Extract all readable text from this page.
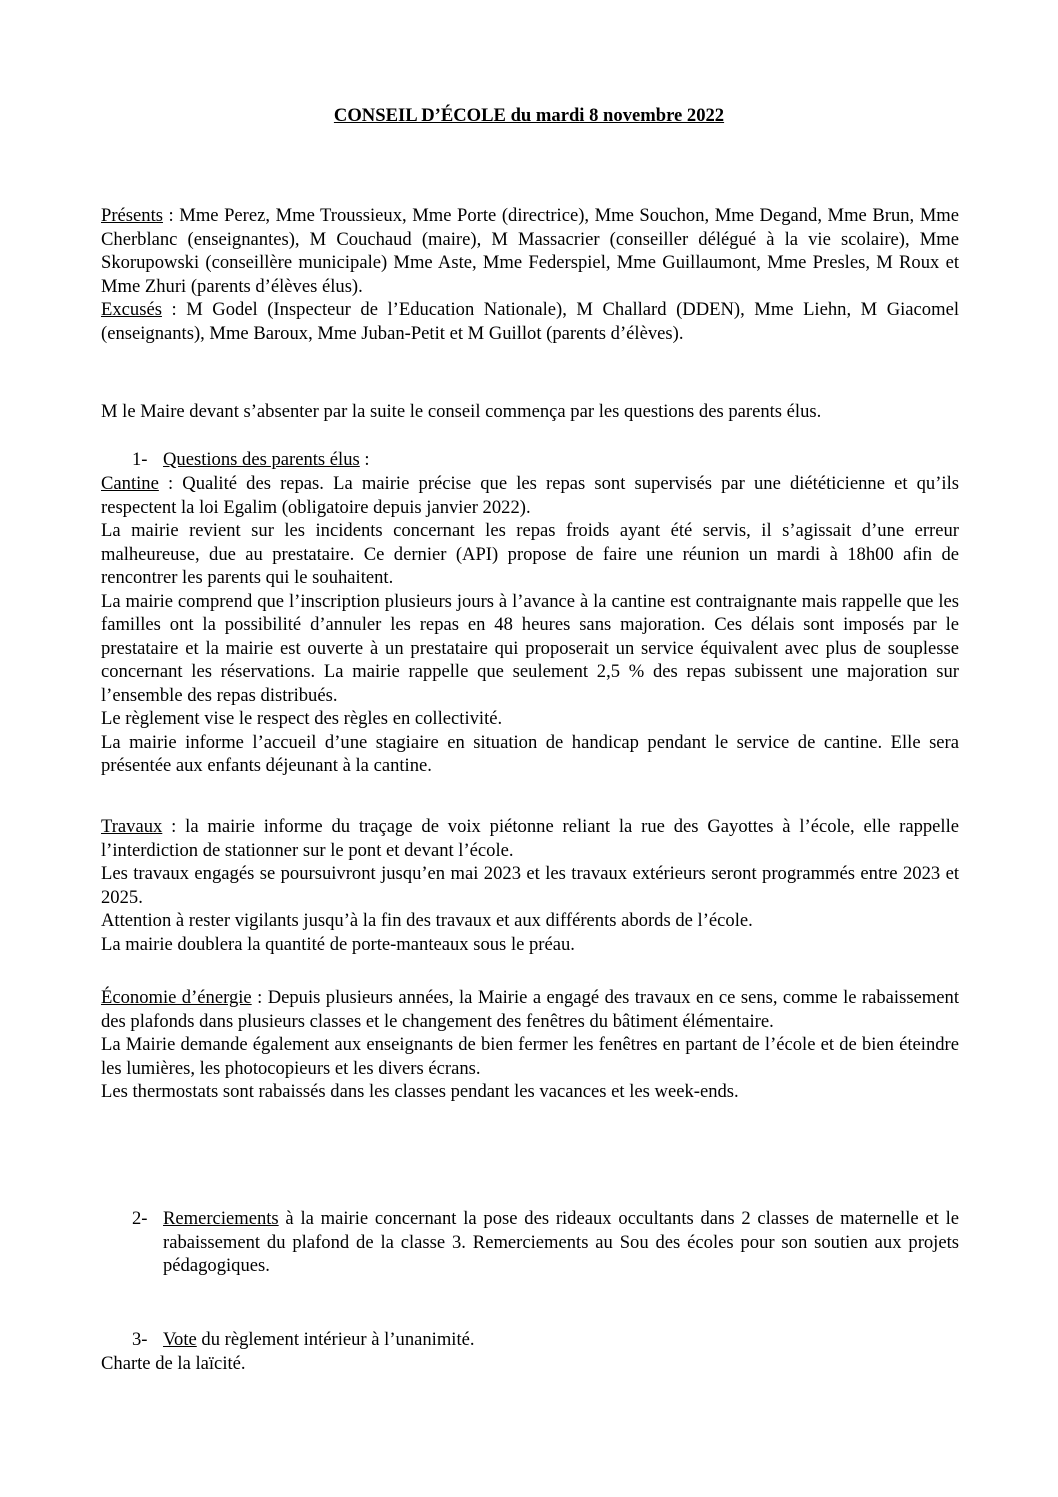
CONSEIL D’ÉCOLE du mardi 8 novembre 2022

Présents : Mme Perez, Mme Troussieux, Mme Porte (directrice), Mme Souchon, Mme Degand, Mme Brun, Mme Cherblanc (enseignantes), M Couchaud (maire), M Massacrier (conseiller délégué à la vie scolaire), Mme Skorupowski (conseillère municipale) Mme Aste, Mme Federspiel, Mme Guillaumont, Mme Presles, M Roux et Mme Zhuri (parents d’élèves élus).

Excusés : M Godel (Inspecteur de l’Education Nationale), M Challard (DDEN), Mme Liehn, M Giacomel (enseignants), Mme Baroux, Mme Juban-Petit et M Guillot (parents d’élèves).

M le Maire devant s’absenter par la suite le conseil commença par les questions des parents élus.

1- Questions des parents élus :

Cantine : Qualité des repas. La mairie précise que les repas sont supervisés par une diététicienne et qu’ils respectent la loi Egalim (obligatoire depuis janvier 2022).

La mairie revient sur les incidents concernant les repas froids ayant été servis, il s’agissait d’une erreur malheureuse, due au prestataire. Ce dernier (API) propose de faire une réunion un mardi à 18h00 afin de rencontrer les parents qui le souhaitent.

La mairie comprend que l’inscription plusieurs jours à l’avance à la cantine est contraignante mais rappelle que les familles ont la possibilité d’annuler les repas en 48 heures sans majoration. Ces délais sont imposés par le prestataire et la mairie est ouverte à un prestataire qui proposerait un service équivalent avec plus de souplesse concernant les réservations. La mairie rappelle que seulement 2,5 % des repas subissent une majoration sur l’ensemble des repas distribués.

Le règlement vise le respect des règles en collectivité.

La mairie informe l’accueil d’une stagiaire en situation de handicap pendant le service de cantine. Elle sera présentée aux enfants déjeunant à la cantine.

Travaux : la mairie informe du traçage de voix piétonne reliant la rue des Gayottes à l’école, elle rappelle l’interdiction de stationner sur le pont et devant l’école.

Les travaux engagés se poursuivront jusqu’en mai 2023 et les travaux extérieurs seront programmés entre 2023 et 2025.

Attention à rester vigilants jusqu’à la fin des travaux et aux différents abords de l’école.

La mairie doublera la quantité de porte-manteaux sous le préau.

Économie d’énergie : Depuis plusieurs années, la Mairie a engagé des travaux en ce sens, comme le rabaissement des plafonds dans plusieurs classes et le changement des fenêtres du bâtiment élémentaire.

La Mairie demande également aux enseignants de bien fermer les fenêtres en partant de l’école et de bien éteindre les lumières, les photocopieurs et les divers écrans.

Les thermostats sont rabaissés dans les classes pendant les vacances et les week-ends.

2- Remerciements à la mairie concernant la pose des rideaux occultants dans 2 classes de maternelle et le rabaissement du plafond de la classe 3. Remerciements au Sou des écoles pour son soutien aux projets pédagogiques.
3- Vote du règlement intérieur à l’unanimité.

Charte de la laïcité.
